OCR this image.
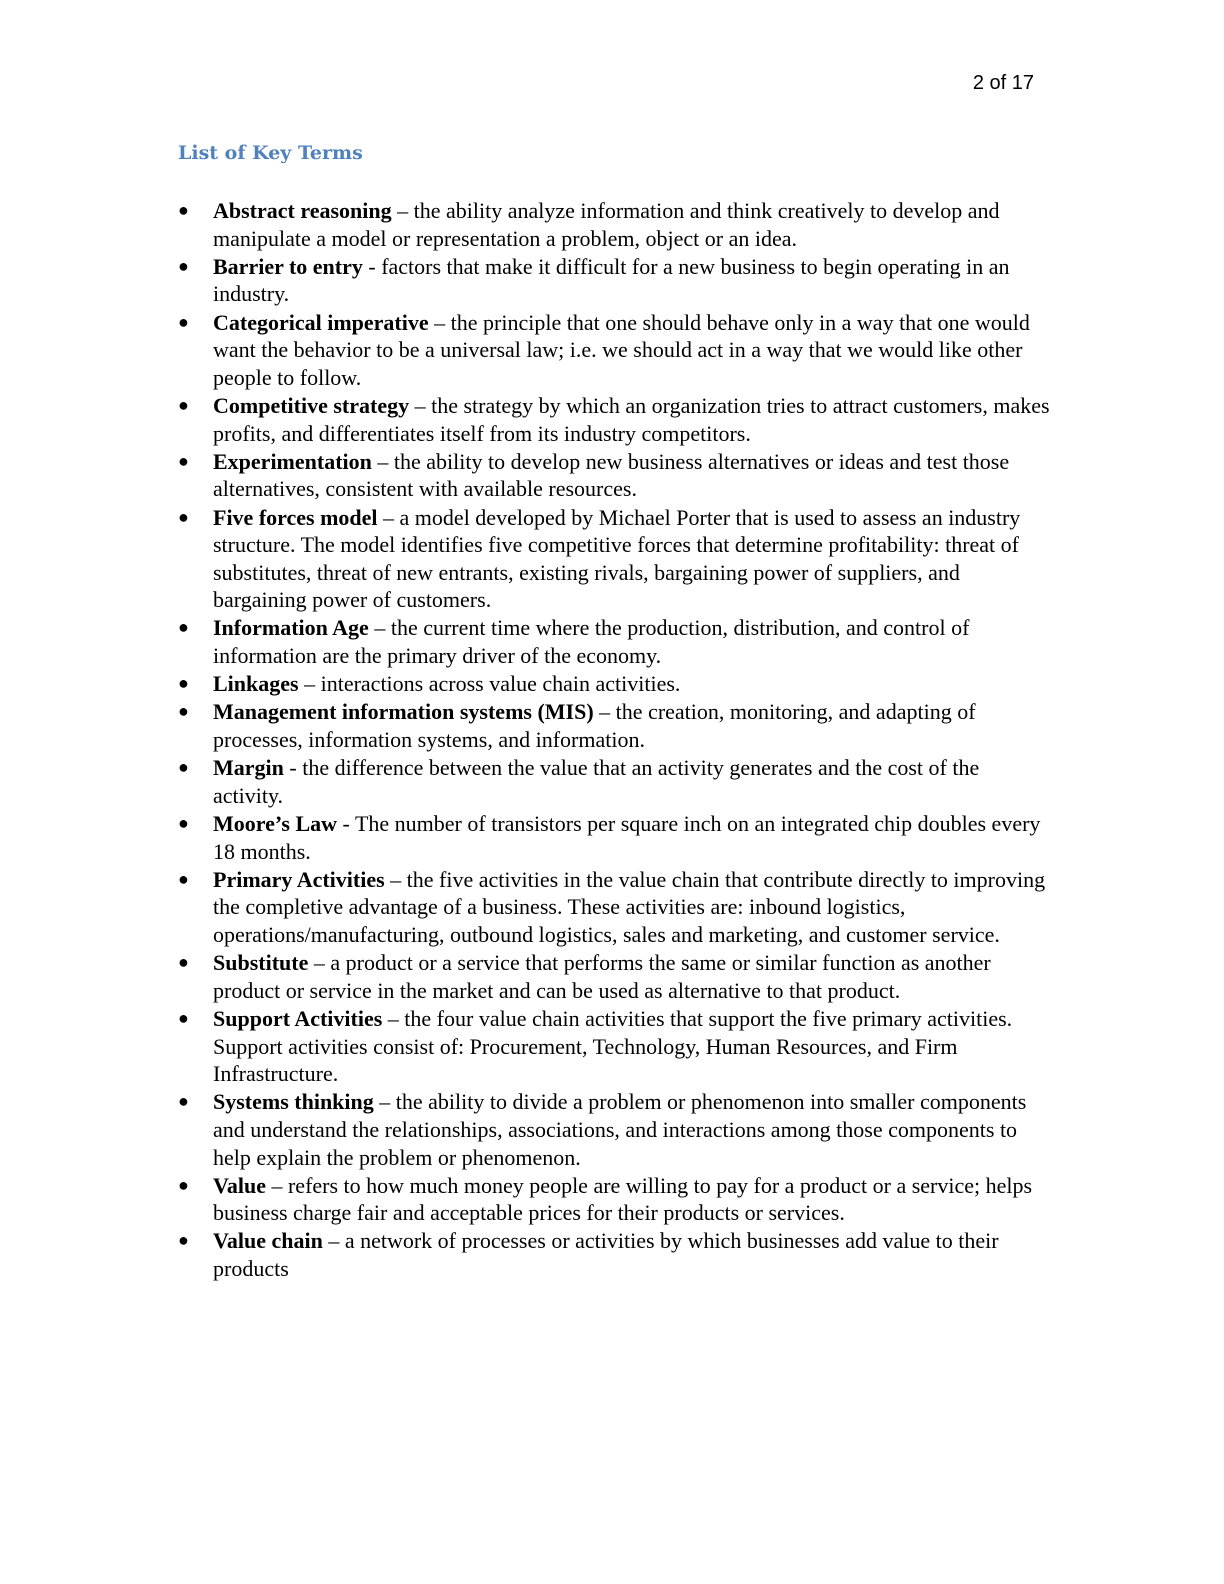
2 of 17
List of Key Terms
● Abstract reasoning – the ability analyze information and think creatively to develop and manipulate a model or representation a problem, object or an idea.
● Barrier to entry - factors that make it difficult for a new business to begin operating in an industry.
● Categorical imperative – the principle that one should behave only in a way that one would want the behavior to be a universal law; i.e. we should act in a way that we would like other people to follow.
● Competitive strategy – the strategy by which an organization tries to attract customers, makes profits, and differentiates itself from its industry competitors.
● Experimentation – the ability to develop new business alternatives or ideas and test those alternatives, consistent with available resources.
● Five forces model – a model developed by Michael Porter that is used to assess an industry structure. The model identifies five competitive forces that determine profitability: threat of substitutes, threat of new entrants, existing rivals, bargaining power of suppliers, and bargaining power of customers.
● Information Age – the current time where the production, distribution, and control of information are the primary driver of the economy.
● Linkages – interactions across value chain activities.
● Management information systems (MIS) – the creation, monitoring, and adapting of processes, information systems, and information.
● Margin - the difference between the value that an activity generates and the cost of the activity.
● Moore’s Law - The number of transistors per square inch on an integrated chip doubles every 18 months.
● Primary Activities – the five activities in the value chain that contribute directly to improving the completive advantage of a business. These activities are: inbound logistics, operations/manufacturing, outbound logistics, sales and marketing, and customer service.
● Substitute – a product or a service that performs the same or similar function as another product or service in the market and can be used as alternative to that product.
● Support Activities – the four value chain activities that support the five primary activities. Support activities consist of: Procurement, Technology, Human Resources, and Firm Infrastructure.
● Systems thinking – the ability to divide a problem or phenomenon into smaller components and understand the relationships, associations, and interactions among those components to help explain the problem or phenomenon.
● Value – refers to how much money people are willing to pay for a product or a service; helps business charge fair and acceptable prices for their products or services.
● Value chain – a network of processes or activities by which businesses add value to their products
